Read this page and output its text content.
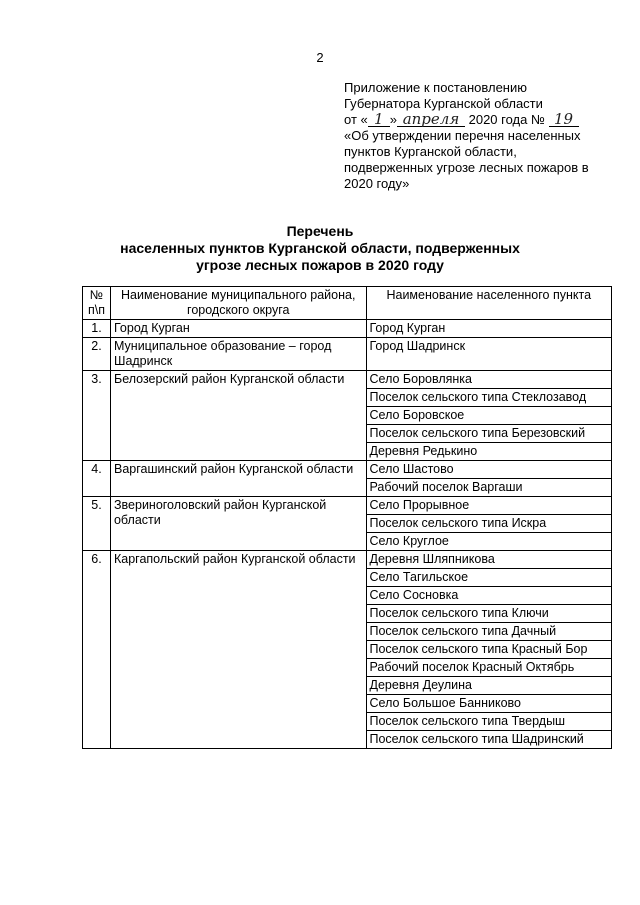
2
Приложение к постановлению
Губернатора Курганской области
от « 1 » апреля 2020 года № 19
«Об утверждении перечня населенных
пунктов Курганской области,
подверженных угрозе лесных пожаров в
2020 году»
Перечень
населенных пунктов Курганской области, подверженных
угрозе лесных пожаров в 2020 году
№ п\п	Наименование муниципального района, городского округа	Наименование населенного пункта
1.	Город Курган	Город Курган
2.	Муниципальное образование – город Шадринск	Город Шадринск
3.	Белозерский район Курганской области	Село Боровлянка
		Поселок сельского типа Стеклозавод
		Село Боровское
		Поселок сельского типа Березовский
		Деревня Редькино
4.	Варгашинский район Курганской области	Село Шастово
		Рабочий поселок Варгаши
5.	Звериноголовский район Курганской области	Село Прорывное
		Поселок сельского типа Искра
		Село Круглое
6.	Каргапольский район Курганской области	Деревня Шляпникова
		Село Тагильское
		Село Сосновка
		Поселок сельского типа Ключи
		Поселок сельского типа Дачный
		Поселок сельского типа Красный Бор
		Рабочий поселок Красный Октябрь
		Деревня Деулина
		Село Большое Банниково
		Поселок сельского типа Твердыш
		Поселок сельского типа Шадринский
